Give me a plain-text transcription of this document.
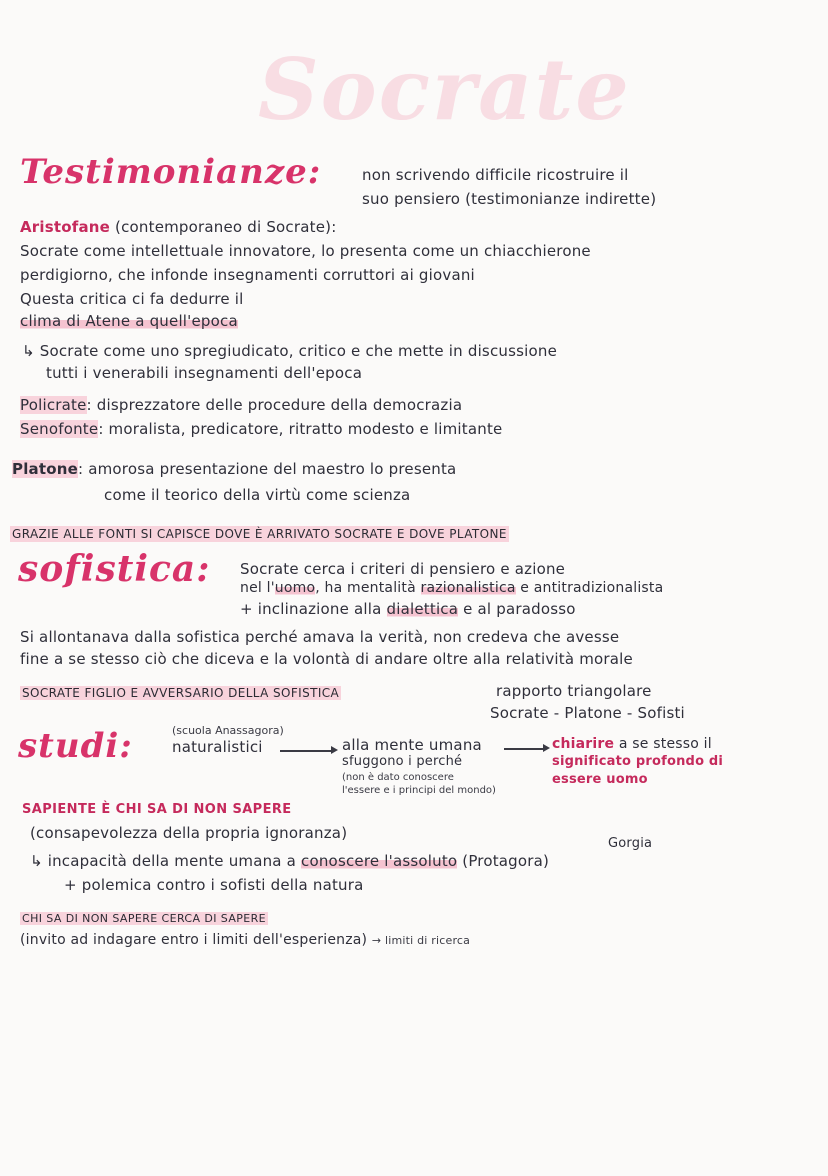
Socrate
Testimonianze:	non scrivendo difficile ricostruire il
suo pensiero (testimonianze indirette)
Aristofane (contemporaneo di Socrate):
Socrate come intellettuale innovatore, lo presenta come un chiacchierone
perdigiorno, che infonde insegnamenti corruttori ai giovani
Questa critica ci fa dedurre il
clima di Atene a quell'epoca
↳ Socrate come uno spregiudicato, critico e che mette in discussione
tutti i venerabili insegnamenti dell'epoca
Policrate: disprezzatore delle procedure della democrazia
Senofonte: moralista, predicatore, ritratto modesto e limitante
Platone: amorosa presentazione del maestro lo presenta
come il teorico della virtù come scienza
GRAZIE ALLE FONTI SI CAPISCE DOVE È ARRIVATO SOCRATE E DOVE PLATONE
sofistica: Socrate cerca i criteri di pensiero e azione
nel l'uomo, ha mentalità razionalistica e antitradizionalista
+ inclinazione alla dialettica e al paradosso
Si allontanava dalla sofistica perché amava la verità, non credeva che avesse
fine a se stesso ciò che diceva e la volontà di andare oltre alla relatività morale
SOCRATE FIGLIO E AVVERSARIO DELLA SOFISTICA	rapporto triangolare
Socrate - Platone - Sofisti
studi:	(scuola Anassagora)
naturalistici	alla mente umana
sfuggono i perché
(non è dato conoscere
l'essere e i principi del mondo)
chiarire a se stesso il
significato profondo di
essere uomo
SAPIENTE È CHI SA DI NON SAPERE
(consapevolezza della propria ignoranza)
Gorgia
↳ incapacità della mente umana a conoscere l'assoluto (Protagora)
+ polemica contro i sofisti della natura
CHI SA DI NON SAPERE CERCA DI SAPERE
(invito ad indagare entro i limiti dell'esperienza) → limiti di ricerca
